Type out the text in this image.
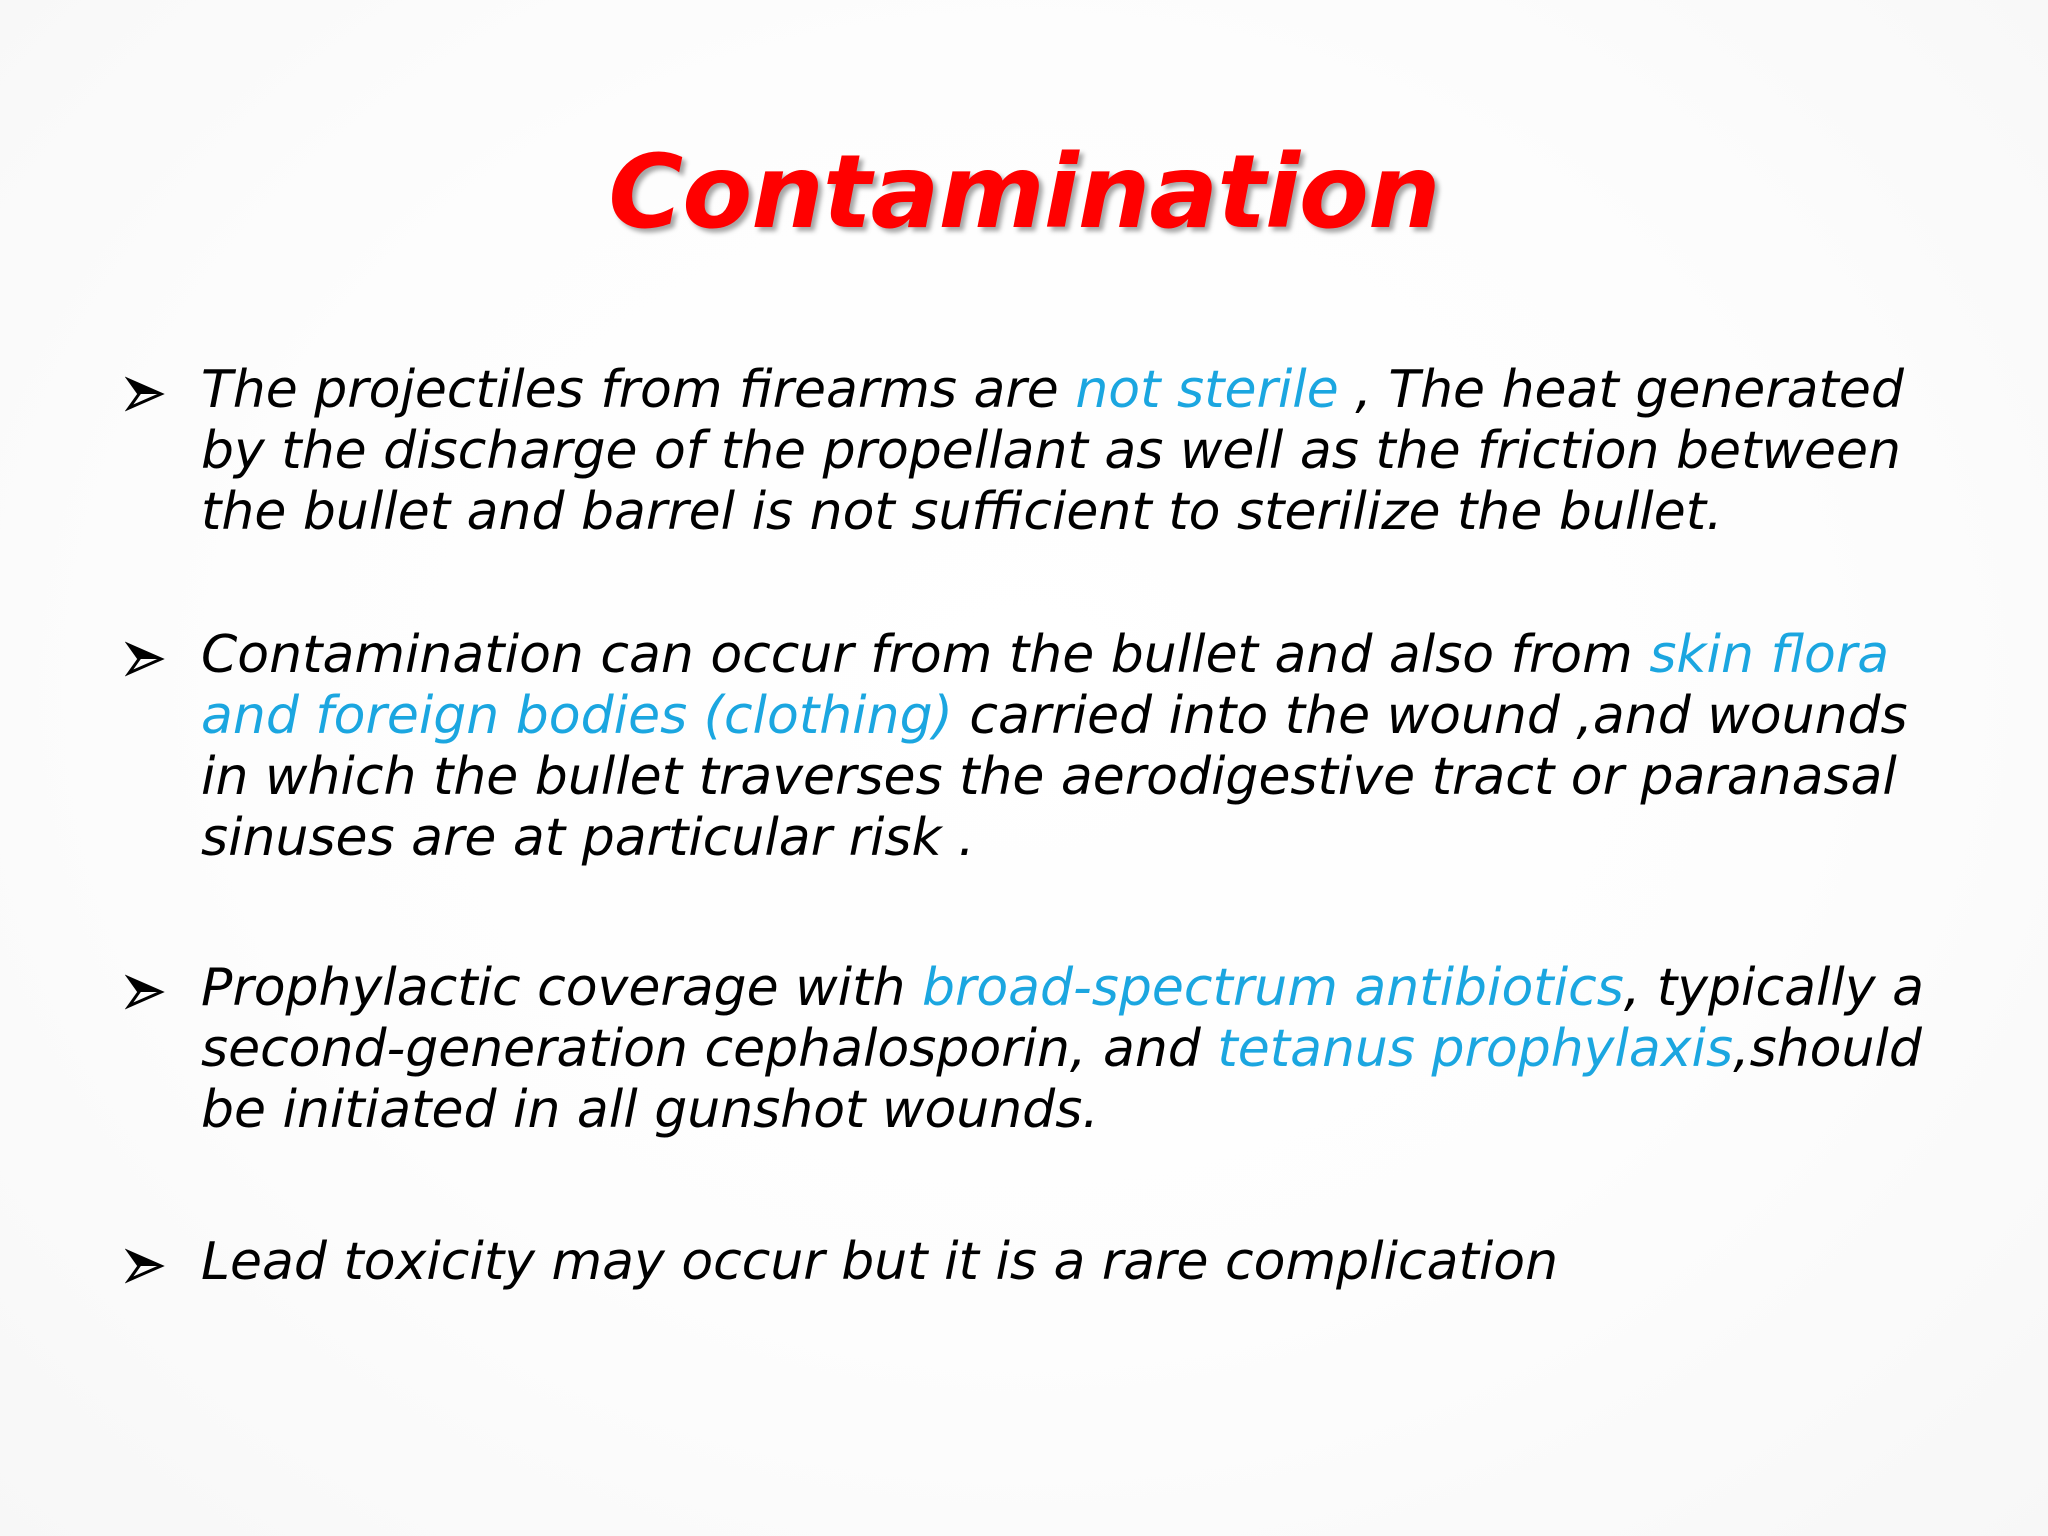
Contamination
The projectiles from firearms are not sterile , The heat generated by the discharge of the propellant as well as the friction between the bullet and barrel is not sufficient to sterilize the bullet.
Contamination can occur from the bullet and also from skin flora and foreign bodies (clothing) carried into the wound ,and wounds in which the bullet traverses the aerodigestive tract or paranasal sinuses are at particular risk .
Prophylactic coverage with broad-spectrum antibiotics, typically a second-generation cephalosporin, and tetanus prophylaxis,should be initiated in all gunshot wounds.
Lead toxicity may occur but it is a rare complication
